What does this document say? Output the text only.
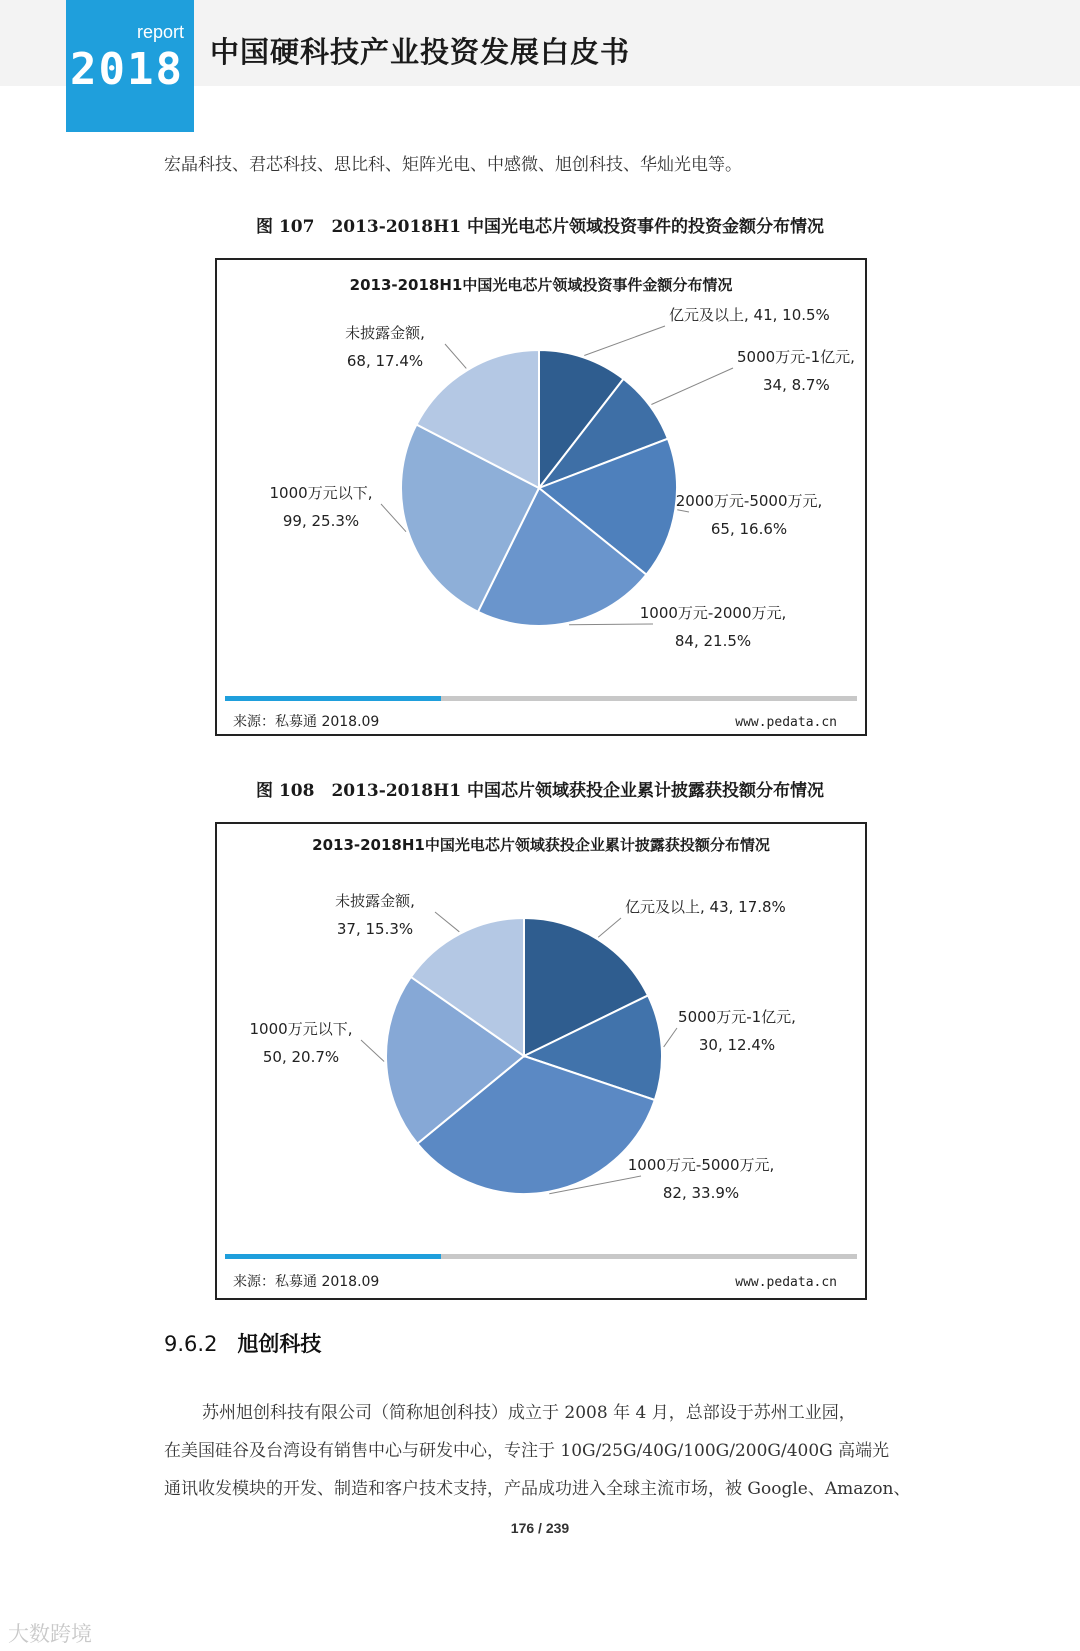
report
2018 中国硬科技产业投资发展白皮书
宏晶科技、君芯科技、思比科、矩阵光电、中感微、旭创科技、华灿光电等。
图 107　2013-2018H1 中国光电芯片领域投资事件的投资金额分布情况
2013-2018H1中国光电芯片领域投资事件金额分布情况
亿元及以上, 41, 10.5%
5000万元-1亿元,
34, 8.7%
2000万元-5000万元,
65, 16.6%
1000万元-2000万元,
84, 21.5%
1000万元以下,
99, 25.3%
未披露金额,
68, 17.4%
来源：私募通 2018.09	www.pedata.cn
图 108　2013-2018H1 中国芯片领域获投企业累计披露获投额分布情况
2013-2018H1中国光电芯片领域获投企业累计披露获投额分布情况
亿元及以上, 43, 17.8%
5000万元-1亿元,
30, 12.4%
1000万元-5000万元,
82, 33.9%
1000万元以下,
50, 20.7%
未披露金额,
37, 15.3%
来源：私募通 2018.09	www.pedata.cn
9.6.2 旭创科技
苏州旭创科技有限公司（简称旭创科技）成立于 2008 年 4 月，总部设于苏州工业园，
在美国硅谷及台湾设有销售中心与研发中心，专注于 10G/25G/40G/100G/200G/400G 高端光
通讯收发模块的开发、制造和客户技术支持，产品成功进入全球主流市场，被 Google、Amazon、
176 / 239
大数跨境
